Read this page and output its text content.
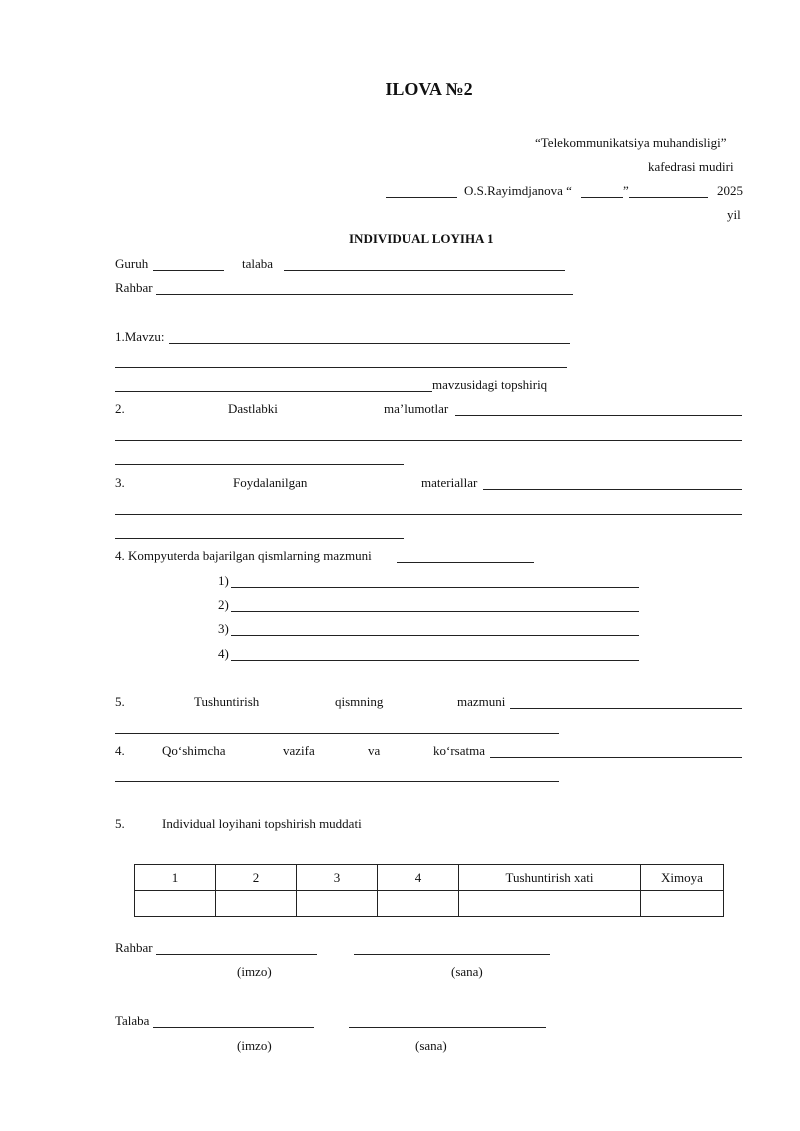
ILOVA №2
“Telekommunikatsiya muhandisligi”
kafedrasi mudiri
O.S.Rayimdjanova “	”	2025
yil
INDIVIDUAL LOYIHA 1
Guruh	talaba
Rahbar
1.Mavzu:
mavzusidagi topshiriq
2.	Dastlabki	ma’lumotlar
3.	Foydalanilgan	materiallar
4. Kompyuterda bajarilgan qismlarning mazmuni
1)
2)
3)
4)
5.	Tushuntirish	qismning	mazmuni
4.	Qo‘shimcha	vazifa	va	ko‘rsatma
5.	Individual loyihani topshirish muddati
1	2	3	4	Tushuntirish xati	Ximoya

Rahbar
(imzo)	(sana)
Talaba
(imzo)	(sana)
